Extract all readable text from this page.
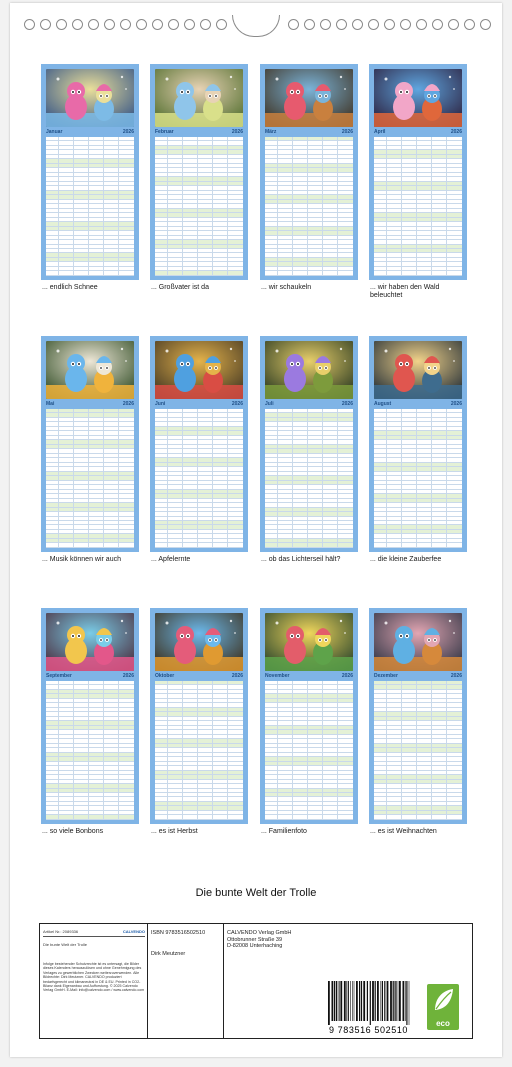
Januar	2026
... endlich Schnee
Februar	2026
... Großvater ist da
März	2026
... wir schaukeln
April	2026
... wir haben den Wald beleuchtet
Mai	2026
... Musik können wir auch
Juni	2026
... Apfelernte
Juli	2026
... ob das Lichterseil hält?
August	2026
... die kleine Zauberfee
September	2026
... so viele Bonbons
Oktober	2026
... es ist Herbst
November	2026
... Familienfoto
Dezember	2026
... es ist Weihnachten
Die bunte Welt der Trolle
Artikel Nr.: 2089336	CALVENDO
Die bunte Welt der Trolle
Infolge bestehender Schutzrechte ist es untersagt, die Bilder dieses Kalenders herauszulösen und ohne Genehmigung des Verlages zu gewerblichen Zwecken weiterzuverwenden. Alle Bildrechte: Dirk Meutzner. CALVENDO produziert bedarfsgerecht und klimaneutral in DE & EU. Printed in CO2-Bilanz dank Eigenanbau und Aufforstung. © 2025 Calvendo Verlag GmbH. E-Mail: info@calvendo.com / www.calvendo.com
ISBN 9783516502510
Dirk Meutzner
CALVENDO Verlag GmbH
Ottobrunner Straße 39
D-82008 Unterhaching
9 783516 502510
eco
